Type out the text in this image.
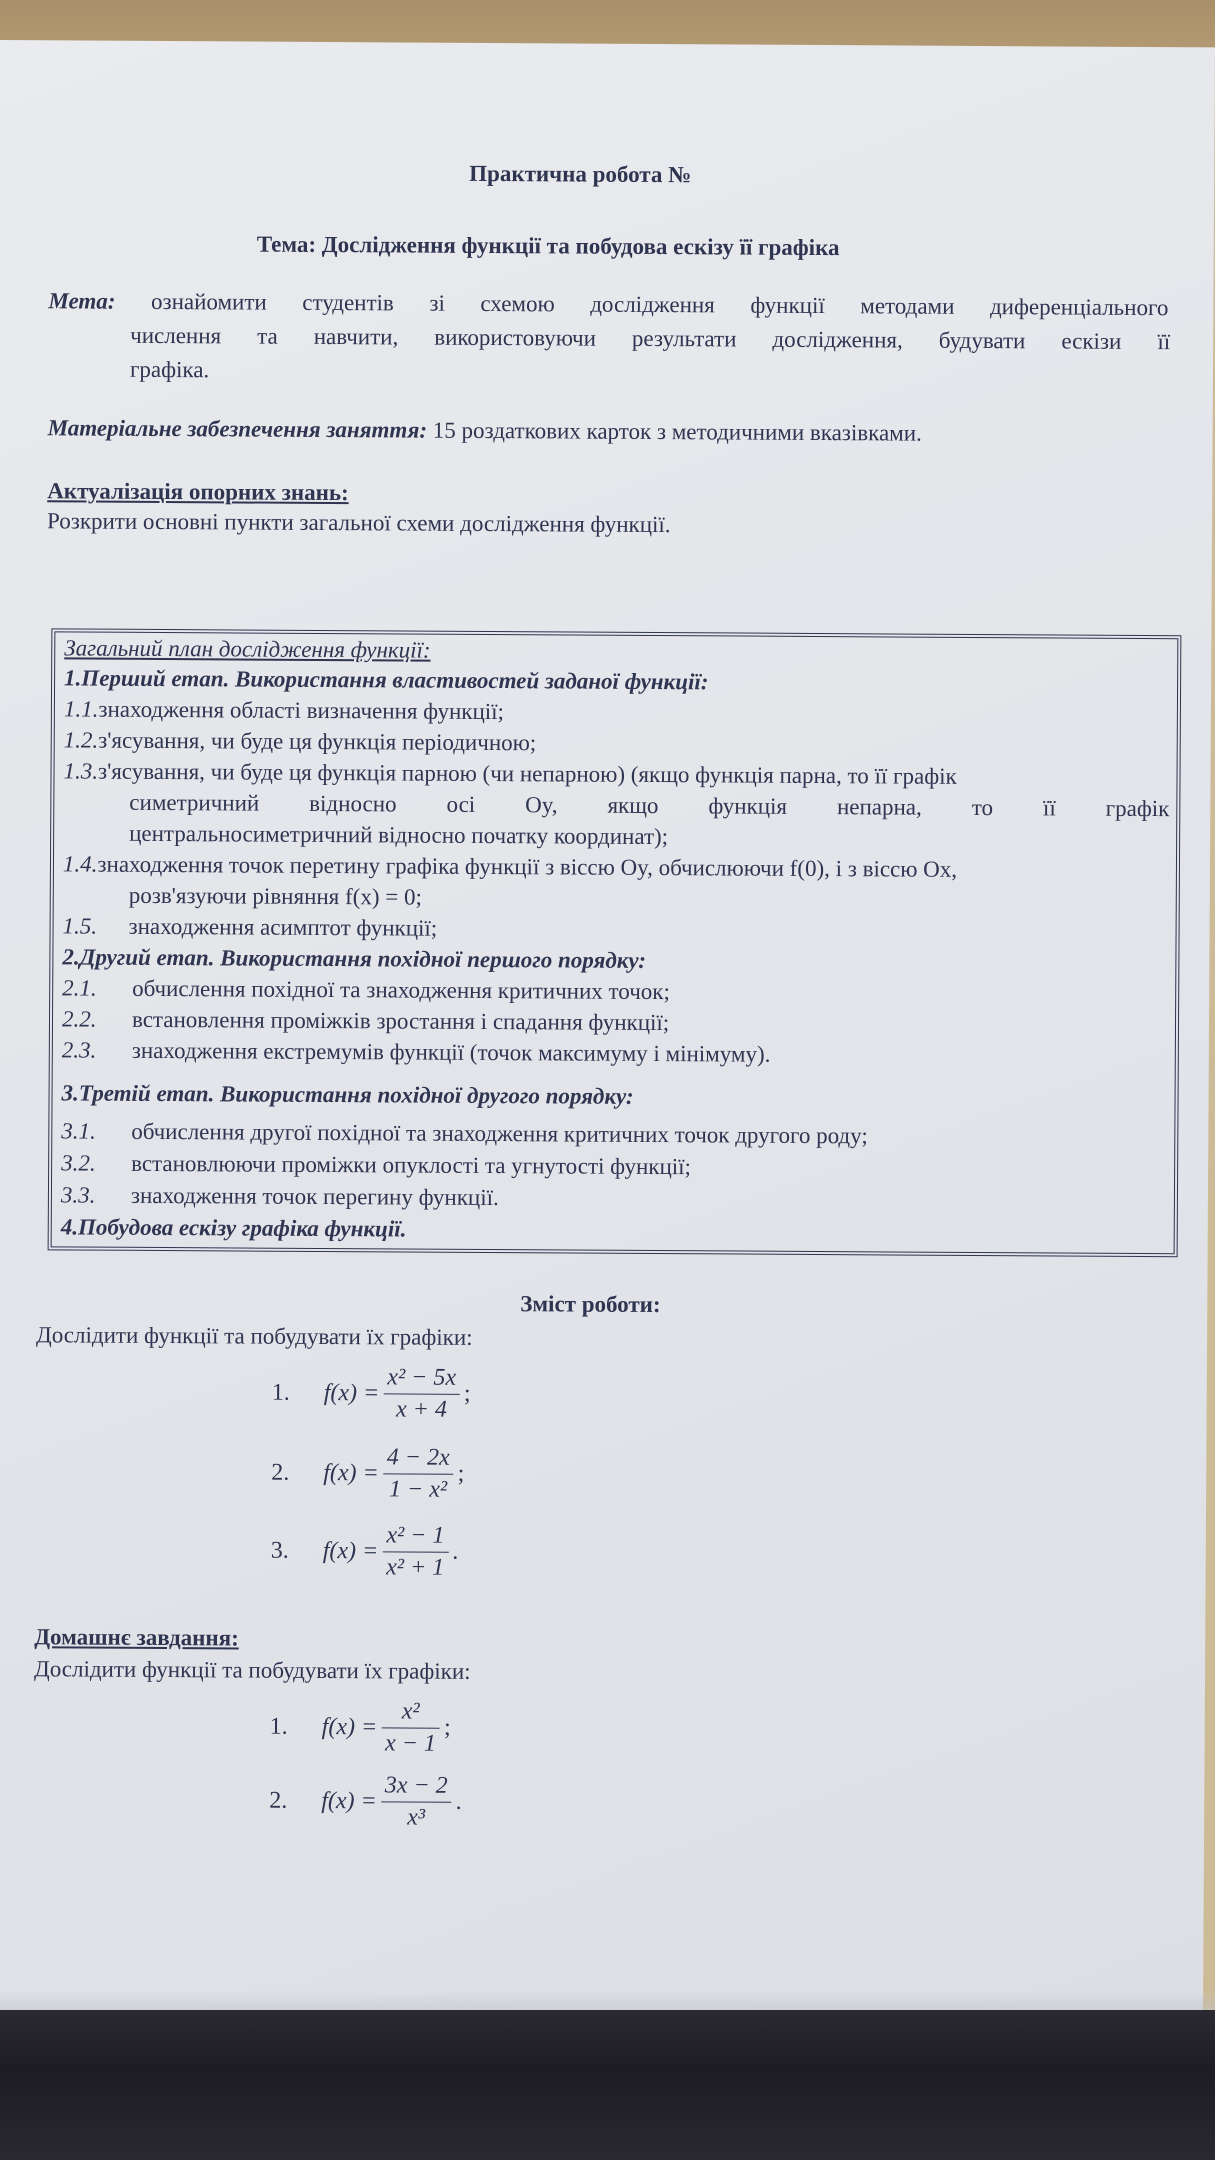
Практична робота №
Тема: Дослідження функції та побудова ескізу її графіка
Мета: ознайомити студентів зі схемою дослідження функції методами диференціального
числення та навчити, використовуючи результати дослідження, будувати ескізи її
графіка.
Матеріальне забезпечення заняття: 15 роздаткових карток з методичними вказівками.
Актуалізація опорних знань:
Розкрити основні пункти загальної схеми дослідження функції.
Загальний план дослідження функції:
1.Перший етап. Використання властивостей заданої функції:
1.1.знаходження області визначення функції;
1.2.з'ясування, чи буде ця функція періодичною;
1.3.з'ясування, чи буде ця функція парною (чи непарною) (якщо функція парна, то її графік
симетричний відносно осі Oy, якщо функція непарна, то її графік
центральносиметричний відносно початку координат);
1.4.знаходження точок перетину графіка функції з віссю Oy, обчислюючи f(0), і з віссю Ox,
розв'язуючи рівняння f(x) = 0;
1.5. знаходження асимптот функції;
2.Другий етап. Використання похідної першого порядку:
2.1. обчислення похідної та знаходження критичних точок;
2.2. встановлення проміжків зростання і спадання функції;
2.3. знаходження екстремумів функції (точок максимуму і мінімуму).
3.Третій етап. Використання похідної другого порядку:
3.1. обчислення другої похідної та знаходження критичних точок другого роду;
3.2. встановлюючи проміжки опуклості та угнутості функції;
3.3. знаходження точок перегину функції.
4.Побудова ескізу графіка функції.
Зміст роботи:
Дослідити функції та побудувати їх графіки:
1. $f(x) = \frac{\text{x² − 5x}}{x + 4}$ ;
2. $f(x) = \frac{4 - 2x}{\text{1 − x²}}$ ;
3. $f(x) = \frac{\text{x² − 1}}{\text{x² + 1}}$ .
Домашнє завдання:
Дослідити функції та побудувати їх графіки:
1. $f(x) = \frac{\text{x²}}{x - 1}$ ;
2. $f(x) = \frac{3x - 2}{\text{x³}}$ .
